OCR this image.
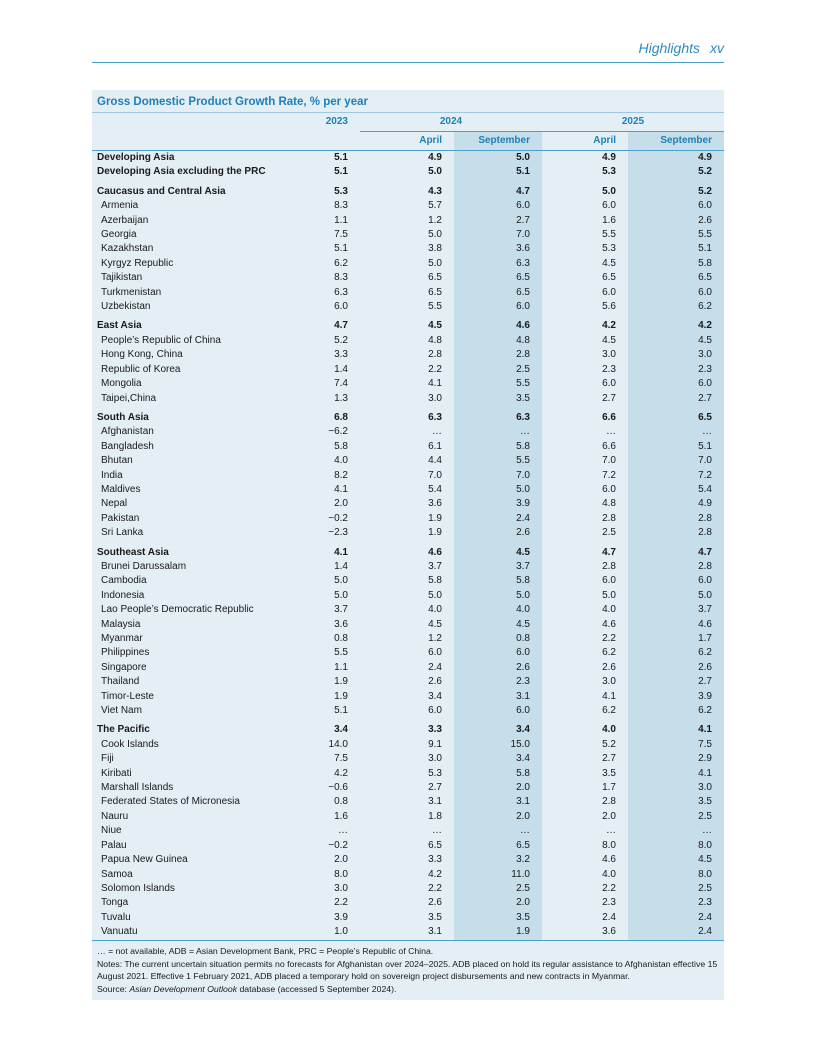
Highlights xv
Gross Domestic Product Growth Rate, % per year
	2023	2024		2025	
		April	September	April	September
Developing Asia	5.1	4.9	5.0	4.9	4.9
Developing Asia excluding the PRC	5.1	5.0	5.1	5.3	5.2
Caucasus and Central Asia	5.3	4.3	4.7	5.0	5.2
Armenia	8.3	5.7	6.0	6.0	6.0
Azerbaijan	1.1	1.2	2.7	1.6	2.6
Georgia	7.5	5.0	7.0	5.5	5.5
Kazakhstan	5.1	3.8	3.6	5.3	5.1
Kyrgyz Republic	6.2	5.0	6.3	4.5	5.8
Tajikistan	8.3	6.5	6.5	6.5	6.5
Turkmenistan	6.3	6.5	6.5	6.0	6.0
Uzbekistan	6.0	5.5	6.0	5.6	6.2
East Asia	4.7	4.5	4.6	4.2	4.2
People’s Republic of China	5.2	4.8	4.8	4.5	4.5
Hong Kong, China	3.3	2.8	2.8	3.0	3.0
Republic of Korea	1.4	2.2	2.5	2.3	2.3
Mongolia	7.4	4.1	5.5	6.0	6.0
Taipei,China	1.3	3.0	3.5	2.7	2.7
South Asia	6.8	6.3	6.3	6.6	6.5
Afghanistan	−6.2	…	…	…	…
Bangladesh	5.8	6.1	5.8	6.6	5.1
Bhutan	4.0	4.4	5.5	7.0	7.0
India	8.2	7.0	7.0	7.2	7.2
Maldives	4.1	5.4	5.0	6.0	5.4
Nepal	2.0	3.6	3.9	4.8	4.9
Pakistan	−0.2	1.9	2.4	2.8	2.8
Sri Lanka	−2.3	1.9	2.6	2.5	2.8
Southeast Asia	4.1	4.6	4.5	4.7	4.7
Brunei Darussalam	1.4	3.7	3.7	2.8	2.8
Cambodia	5.0	5.8	5.8	6.0	6.0
Indonesia	5.0	5.0	5.0	5.0	5.0
Lao People’s Democratic Republic	3.7	4.0	4.0	4.0	3.7
Malaysia	3.6	4.5	4.5	4.6	4.6
Myanmar	0.8	1.2	0.8	2.2	1.7
Philippines	5.5	6.0	6.0	6.2	6.2
Singapore	1.1	2.4	2.6	2.6	2.6
Thailand	1.9	2.6	2.3	3.0	2.7
Timor-Leste	1.9	3.4	3.1	4.1	3.9
Viet Nam	5.1	6.0	6.0	6.2	6.2
The Pacific	3.4	3.3	3.4	4.0	4.1
Cook Islands	14.0	9.1	15.0	5.2	7.5
Fiji	7.5	3.0	3.4	2.7	2.9
Kiribati	4.2	5.3	5.8	3.5	4.1
Marshall Islands	−0.6	2.7	2.0	1.7	3.0
Federated States of Micronesia	0.8	3.1	3.1	2.8	3.5
Nauru	1.6	1.8	2.0	2.0	2.5
Niue	…	…	…	…	…
Palau	−0.2	6.5	6.5	8.0	8.0
Papua New Guinea	2.0	3.3	3.2	4.6	4.5
Samoa	8.0	4.2	11.0	4.0	8.0
Solomon Islands	3.0	2.2	2.5	2.2	2.5
Tonga	2.2	2.6	2.0	2.3	2.3
Tuvalu	3.9	3.5	3.5	2.4	2.4
Vanuatu	1.0	3.1	1.9	3.6	2.4

… = not available, ADB = Asian Development Bank, PRC = People’s Republic of China.

Notes: The current uncertain situation permits no forecasts for Afghanistan over 2024–2025. ADB placed on hold its regular assistance to Afghanistan effective 15 August 2021. Effective 1 February 2021, ADB placed a temporary hold on sovereign project disbursements and new contracts in Myanmar.

Source: Asian Development Outlook database (accessed 5 September 2024).
